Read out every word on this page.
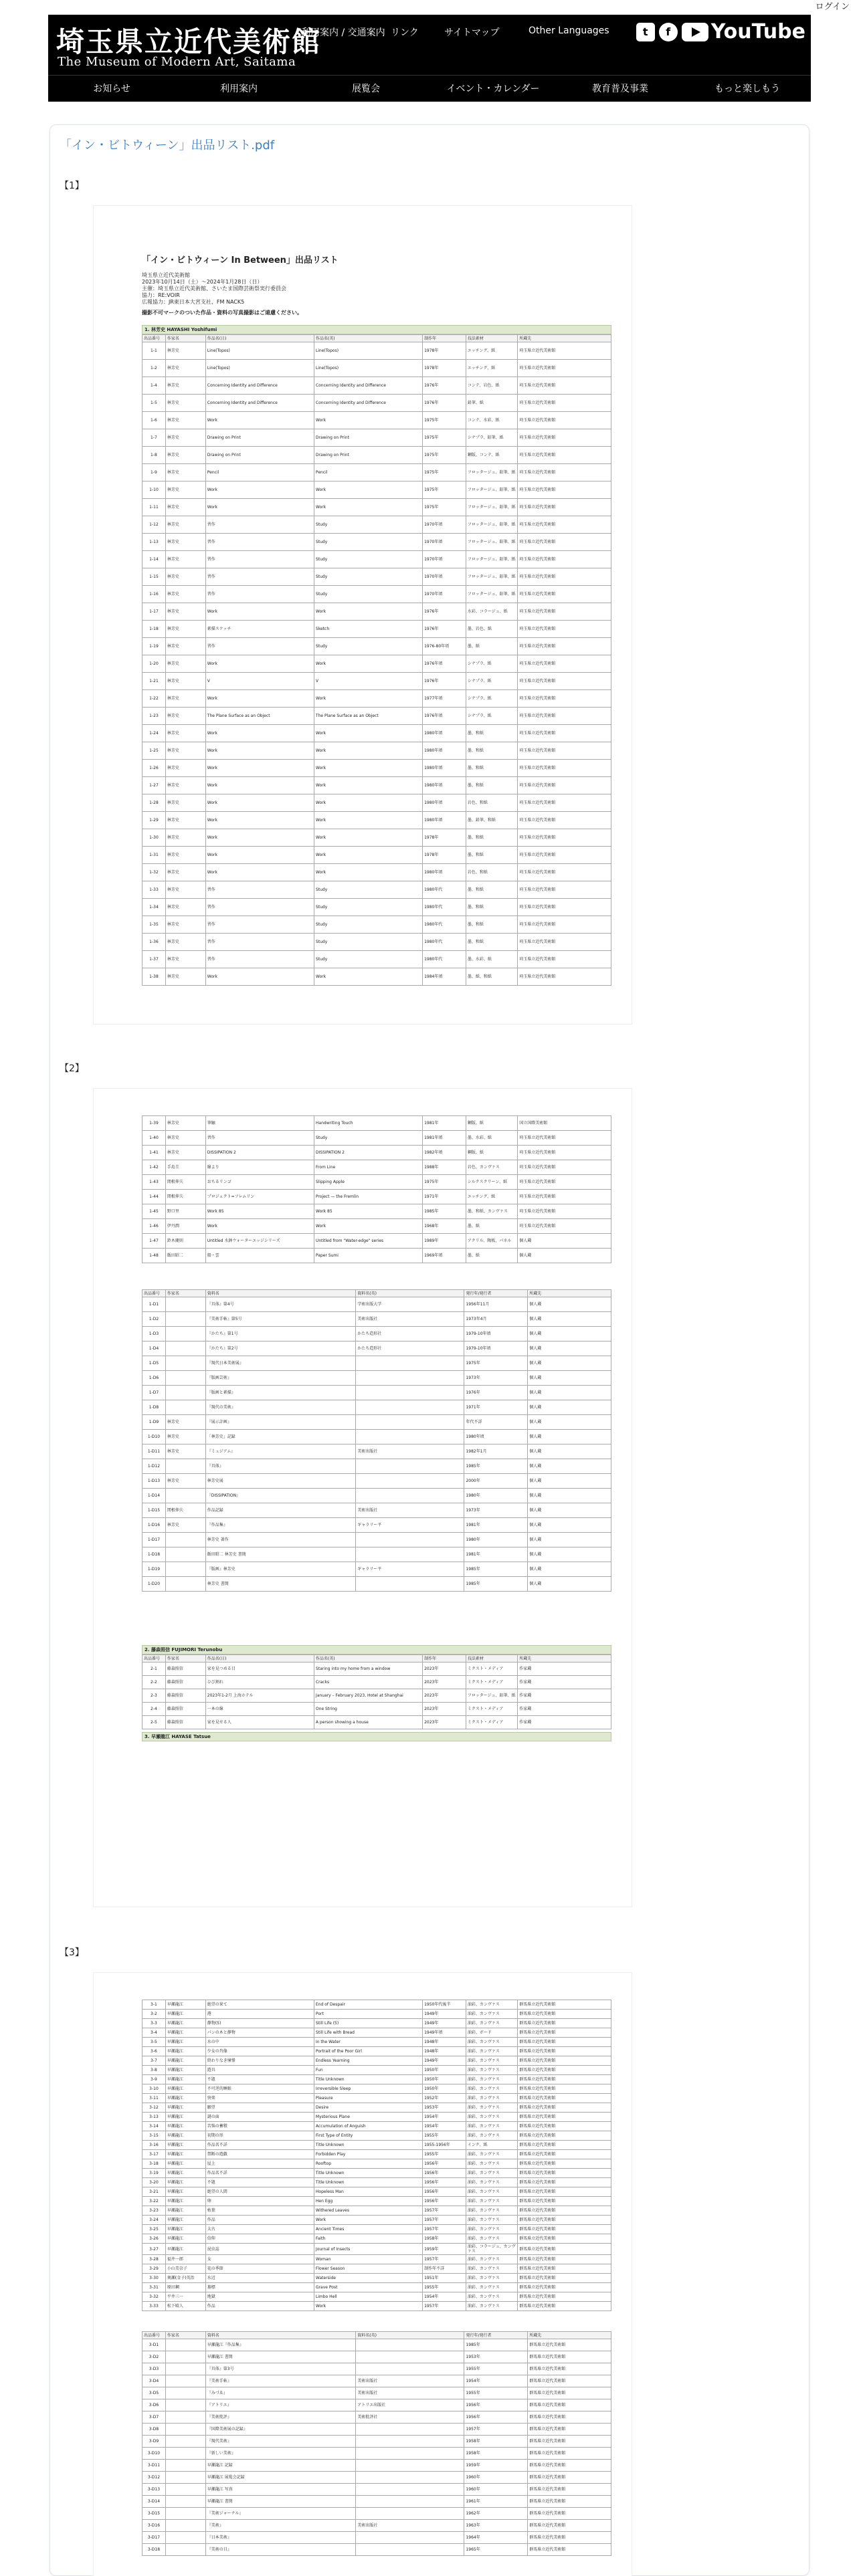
ログイン
埼玉県立近代美術館
The Museum of Modern Art, Saitama
利用案内 / 交通案内 リンク	サイトマップ	Other Languages	t	f	YouTube
お知らせ	利用案内	展覧会	イベント・カレンダー	教育普及事業	もっと楽しもう
「イン・ビトウィーン」出品リスト.pdf
【1】
「イン・ビトウィーン In Between」出品リスト

埼玉県立近代美術館

2023年10月14日（土）〜2024年1月28日（日）

主催：埼玉県立近代美術館、さいたま国際芸術祭実行委員会

協力：RE:VOIR

広報協力：JR東日本大宮支社、FM NACK5

撮影不可マークのついた作品・資料の写真撮影はご遠慮ください。

1. 林芳史 HAYASHI Yoshifumi
出品番号	作家名	作品名(日)	作品名(英)	制作年	技法素材	所蔵先
1-1	林芳史	Line(Topos)	Line(Topos)	1978年	エッチング、紙	埼玉県立近代美術館
1-2	林芳史	Line(Topos)	Line(Topos)	1978年	エッチング、紙	埼玉県立近代美術館
1-4	林芳史	Concerning Identity and Difference	Concerning Identity and Difference	1976年	コンテ、岩色、紙	埼玉県立近代美術館
1-5	林芳史	Concerning Identity and Difference	Concerning Identity and Difference	1976年	鉛筆、紙	埼玉県立近代美術館
1-6	林芳史	Work	Work	1975年	コンテ、水彩、紙	埼玉県立近代美術館
1-7	林芳史	Drawing on Print	Drawing on Print	1975年	シナプラ、鉛筆、紙	埼玉県立近代美術館
1-8	林芳史	Drawing on Print	Drawing on Print	1975年	鋼版、コンテ、紙	埼玉県立近代美術館
1-9	林芳史	Pencil	Pencil	1975年	フロッタージュ、鉛筆、紙	埼玉県立近代美術館
1-10	林芳史	Work	Work	1975年	フロッタージュ、鉛筆、紙	埼玉県立近代美術館
1-11	林芳史	Work	Work	1975年	フロッタージュ、鉛筆、紙	埼玉県立近代美術館
1-12	林芳史	習作	Study	1970年頃	フロッタージュ、鉛筆、紙	埼玉県立近代美術館
1-13	林芳史	習作	Study	1970年頃	フロッタージュ、鉛筆、紙	埼玉県立近代美術館
1-14	林芳史	習作	Study	1970年頃	フロッタージュ、鉛筆、紙	埼玉県立近代美術館
1-15	林芳史	習作	Study	1970年頃	フロッタージュ、鉛筆、紙	埼玉県立近代美術館
1-16	林芳史	習作	Study	1970年頃	フロッタージュ、鉛筆、紙	埼玉県立近代美術館
1-17	林芳史	Work	Work	1976年	水彩、コラージュ、紙	埼玉県立近代美術館
1-18	林芳史	素描スケッチ	Sketch	1976年	墨、岩色、紙	埼玉県立近代美術館
1-19	林芳史	習作	Study	1976-80年頃	墨、紙	埼玉県立近代美術館
1-20	林芳史	Work	Work	1976年頃	シナプラ、紙	埼玉県立近代美術館
1-21	林芳史	V	V	1976年	シナプラ、紙	埼玉県立近代美術館
1-22	林芳史	Work	Work	1977年頃	シナプラ、紙	埼玉県立近代美術館
1-23	林芳史	The Plane Surface as an Object	The Plane Surface as an Object	1976年頃	シナプラ、紙	埼玉県立近代美術館
1-24	林芳史	Work	Work	1980年頃	墨、和紙	埼玉県立近代美術館
1-25	林芳史	Work	Work	1980年頃	墨、和紙	埼玉県立近代美術館
1-26	林芳史	Work	Work	1980年頃	墨、和紙	埼玉県立近代美術館
1-27	林芳史	Work	Work	1980年頃	墨、和紙	埼玉県立近代美術館
1-28	林芳史	Work	Work	1980年頃	岩色、和紙	埼玉県立近代美術館
1-29	林芳史	Work	Work	1980年頃	墨、鉛筆、和紙	埼玉県立近代美術館
1-30	林芳史	Work	Work	1978年	墨、和紙	埼玉県立近代美術館
1-31	林芳史	Work	Work	1978年	墨、和紙	埼玉県立近代美術館
1-32	林芳史	Work	Work	1980年頃	岩色、和紙	埼玉県立近代美術館
1-33	林芳史	習作	Study	1980年代	墨、和紙	埼玉県立近代美術館
1-34	林芳史	習作	Study	1980年代	墨、和紙	埼玉県立近代美術館
1-35	林芳史	習作	Study	1980年代	墨、和紙	埼玉県立近代美術館
1-36	林芳史	習作	Study	1980年代	墨、和紙	埼玉県立近代美術館
1-37	林芳史	習作	Study	1980年代	墨、水彩、紙	埼玉県立近代美術館
1-38	林芳史	Work	Work	1984年頃	墨、紙、和紙	埼玉県立近代美術館
【2】
1-39	林芳史	筆触	Handwriting Touch	1981年	鋼版、紙	国立国際美術館
1-40	林芳史	習作	Study	1981年頃	墨、水彩、紙	埼玉県立近代美術館
1-41	林芳史	DISSIPATION 2	DISSIPATION 2	1982年頃	鋼版、紙	埼玉県立近代美術館
1-42	手島圭	線より	From Line	1988年	岩色、カンヴァス	埼玉県立近代美術館
1-43	関根伸夫	おちるリンゴ	Slipping Apple	1975年	シルクスクリーン、紙	埼玉県立近代美術館
1-44	関根伸夫	プロジェクト=フレムリン	Project — the Fremlin	1971年	エッチング、紙	埼玉県立近代美術館
1-45	野口里	Work 85	Work 85	1985年	墨、和紙、カンヴァス	埼玉県立近代美術館
1-46	伊丹潤	Work	Work	1968年	墨、紙	埼玉県立近代美術館
1-47	鈴木慶則	Untitled 水鉢ウォーターエッジシリーズ	Untitled from "Water-edge" series	1989年	アクリル、陶板、パネル	個人蔵
1-48	飯田昭二	船・雲	Paper Sumi	1969年頃	墨、紙	個人蔵
出品番号	作家名	資料名	資料名(英)	発行年/発行者	所蔵先
1-D1		『具体』第4号	学術出版大学	1956年11月	個人蔵
1-D2		『美術手帖』第5号	美術出版社	1973年4月	個人蔵
1-D3		『かたち』第1号	かたち造形社	1979-10年頃	個人蔵
1-D4		『かたち』第2号	かたち造形社	1979-10年頃	個人蔵
1-D5		『現代日本美術展』		1975年	個人蔵
1-D6		『版画芸術』		1973年	個人蔵
1-D7		『版画と素描』		1976年	個人蔵
1-D8		『現代の美術』		1971年	個人蔵
1-D9	林芳史	『展示計画』		年代不詳	個人蔵
1-D10	林芳史	「林芳史」記録		1980年頃	個人蔵
1-D11	林芳史	『ミュジアム』	美術出版社	1982年1月	個人蔵
1-D12		『具体』		1985年	個人蔵
1-D13	林芳史	林芳史展		2000年	個人蔵
1-D14		『DISSIPATION』		1980年	個人蔵
1-D15	関根伸夫	作品記録	美術出版社	1973年	個人蔵
1-D16	林芳史	『作品集』	ギャラリー平	1981年	個人蔵
1-D17		林芳史 著作		1980年	個人蔵
1-D18		飯田昭二 林芳史 書簡		1981年	個人蔵
1-D19		『版画』林芳史	ギャラリー平	1985年	個人蔵
1-D20		林芳史 書簡		1985年	個人蔵
2. 藤森照信 FUJIMORI Terunobu
出品番号	作家名	作品名(日)	作品名(英)	制作年	技法素材	所蔵先
2-1	藤森照信	家を見つめる目	Staring into my home from a window	2023年	ミクスト・メディア	作家蔵
2-2	藤森照信	ひび割れ	Cracks	2023年	ミクスト・メディア	作家蔵
2-3	藤森照信	2023年1-2月 上海ホテル	January – February 2023, Hotel at Shanghai	2023年	フロッタージュ、鉛筆、紙	作家蔵
2-4	藤森照信	一本の線	One String	2023年	ミクスト・メディア	作家蔵
2-5	藤森照信	家を見せる人	A person showing a house	2023年	ミクスト・メディア	作家蔵
3. 早瀬龍江 HAYASE Tatsue
【3】
3-1	早瀬龍江	絶望の果て	End of Despair	1950年代後半	油彩、カンヴァス	群馬県立近代美術館
3-2	早瀬龍江	港	Port	1949年	油彩、カンヴァス	群馬県立近代美術館
3-3	早瀬龍江	静物(5)	Still Life (5)	1949年	油彩、カンヴァス	群馬県立近代美術館
3-4	早瀬龍江	パンの木と静物	Still Life with Bread	1949年頃	油彩、ボード	群馬県立近代美術館
3-5	早瀬龍江	水の中	In the Water	1948年	油彩、カンヴァス	群馬県立近代美術館
3-6	早瀬龍江	少女の肖像	Portrait of the Poor Girl	1948年	油彩、カンヴァス	群馬県立近代美術館
3-7	早瀬龍江	終わりなき憧憬	Endless Yearning	1949年	油彩、カンヴァス	群馬県立近代美術館
3-8	早瀬龍江	遊具	Fun	1950年	油彩、カンヴァス	群馬県立近代美術館
3-9	早瀬龍江	不題	Title Unknown	1950年	油彩、カンヴァス	群馬県立近代美術館
3-10	早瀬龍江	不可逆的睡眠	Irreversible Sleep	1950年	油彩、カンヴァス	群馬県立近代美術館
3-11	早瀬龍江	快楽	Pleasure	1952年	油彩、カンヴァス	群馬県立近代美術館
3-12	早瀬龍江	願望	Desire	1953年	油彩、カンヴァス	群馬県立近代美術館
3-13	早瀬龍江	謎の面	Mysterious Plane	1954年	油彩、カンヴァス	群馬県立近代美術館
3-14	早瀬龍江	苦悩の蓄積	Accumulation of Anguish	1954年	油彩、カンヴァス	群馬県立近代美術館
3-15	早瀬龍江	初期の形	First Type of Entity	1955年	油彩、カンヴァス	群馬県立近代美術館
3-16	早瀬龍江	作品名不詳	Title Unknown	1955-1956年	インク、紙	群馬県立近代美術館
3-17	早瀬龍江	禁断の遊戯	Forbidden Play	1955年	油彩、カンヴァス	群馬県立近代美術館
3-18	早瀬龍江	屋上	Rooftop	1956年	油彩、カンヴァス	群馬県立近代美術館
3-19	早瀬龍江	作品名不詳	Title Unknown	1956年	油彩、カンヴァス	群馬県立近代美術館
3-20	早瀬龍江	不題	Title Unknown	1956年	油彩、カンヴァス	群馬県立近代美術館
3-21	早瀬龍江	絶望の人間	Hopeless Man	1956年	油彩、カンヴァス	群馬県立近代美術館
3-22	早瀬龍江	卵	Hen Egg	1956年	油彩、カンヴァス	群馬県立近代美術館
3-23	早瀬龍江	枯葉	Withered Leaves	1957年	油彩、カンヴァス	群馬県立近代美術館
3-24	早瀬龍江	作品	Work	1957年	油彩、カンヴァス	群馬県立近代美術館
3-25	早瀬龍江	太古	Ancient Times	1957年	油彩、カンヴァス	群馬県立近代美術館
3-26	早瀬龍江	信仰	Faith	1958年	油彩、カンヴァス	群馬県立近代美術館
3-27	早瀬龍江	昆虫誌	Journal of Insects	1959年	油彩、コラージュ、カンヴァス	群馬県立近代美術館
3-28	福井一郎	女	Woman	1957年	油彩、カンヴァス	群馬県立近代美術館
3-29	小山美奈子	花の季節	Flower Season	制作年不詳	油彩、カンヴァス	群馬県立近代美術館
3-30	奥瀬(金子)英治	水辺	Waterside	1951年	油彩、カンヴァス	群馬県立近代美術館
3-31	原田鋼	墓標	Grave Post	1955年	油彩、カンヴァス	群馬県立近代美術館
3-32	平井三一	地獄	Limbo Hell	1954年	油彩、カンヴァス	群馬県立近代美術館
3-33	松下晴人	作品	Work	1957年	油彩、カンヴァス	群馬県立近代美術館
出品番号	作家名	資料名	資料名(英)	発行年/発行者	所蔵先
3-D1		早瀬龍江『作品集』		1985年	群馬県立近代美術館
3-D2		早瀬龍江 書簡		1953年	群馬県立近代美術館
3-D3		『具体』第3号		1955年	群馬県立近代美術館
3-D4		『美術手帖』	美術出版社	1954年	群馬県立近代美術館
3-D5		『みづゑ』	美術出版社	1955年	群馬県立近代美術館
3-D6		『アトリエ』	アトリエ出版社	1956年	群馬県立近代美術館
3-D7		『美術批評』	美術批評社	1956年	群馬県立近代美術館
3-D8		『国際美術展の記録』		1957年	群馬県立近代美術館
3-D9		『現代美術』		1958年	群馬県立近代美術館
3-D10		『新しい美術』		1958年	群馬県立近代美術館
3-D11		早瀬龍江 記録		1959年	群馬県立近代美術館
3-D12		早瀬龍江 展覧会記録		1960年	群馬県立近代美術館
3-D13		早瀬龍江 写真		1960年	群馬県立近代美術館
3-D14		早瀬龍江 書簡		1961年	群馬県立近代美術館
3-D15		『美術ジャーナル』		1962年	群馬県立近代美術館
3-D16		『美術』	美術出版社	1963年	群馬県立近代美術館
3-D17		『日本美術』		1964年	群馬県立近代美術館
3-D18		『美術の目』		1965年	群馬県立近代美術館
